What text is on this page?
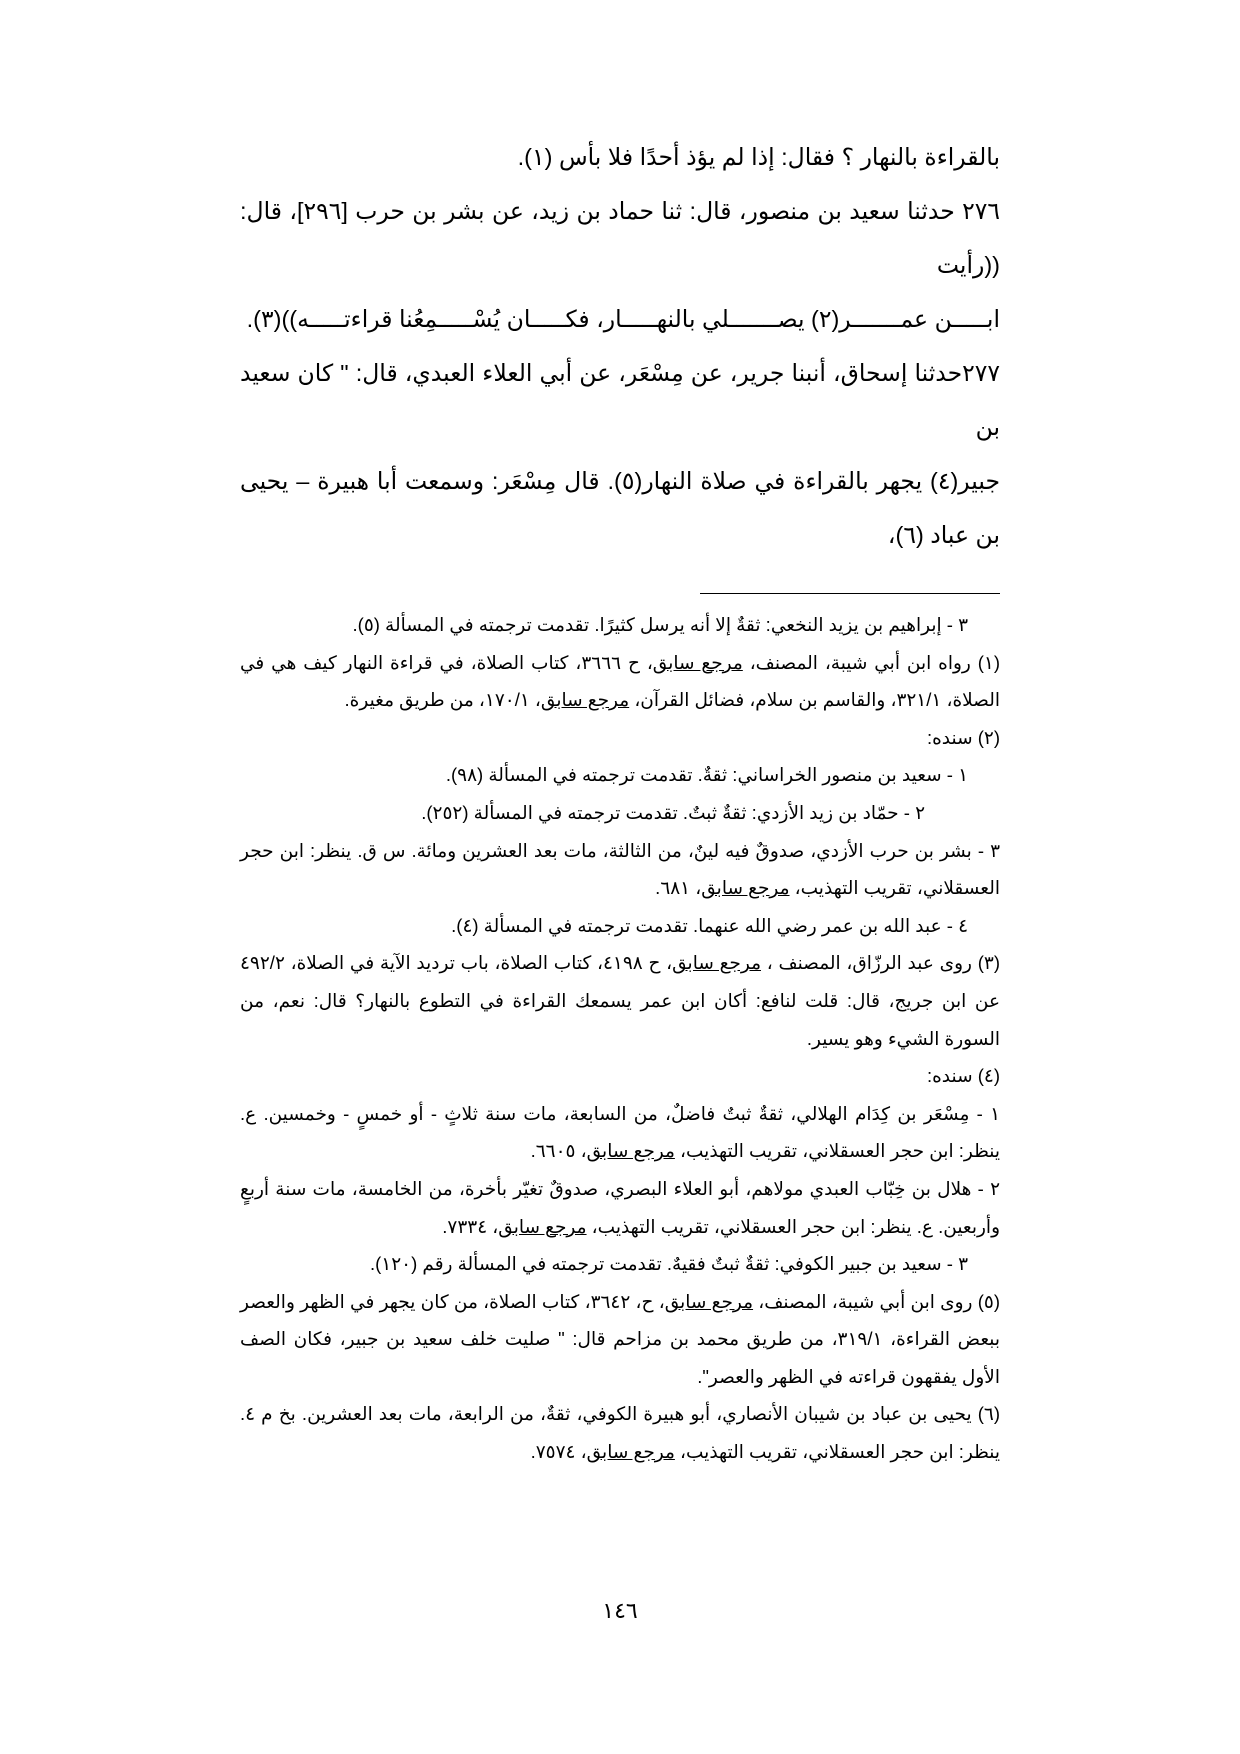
بالقراءة بالنهار ؟ فقال: إذا لم يؤذ أحدًا فلا بأس (١).

٢٧٦ حدثنا سعيد بن منصور، قال: ثنا حماد بن زيد، عن بشر بن حرب [٢٩٦]، قال: ((رأيت

ابـــــن عمـــــــر(٢) يصـــــــلي بالنهـــــار، فكـــــان يُسْـــــمِعُنا قراءتـــــه))(٣).

٢٧٧حدثنا إسحاق، أنبنا جرير، عن مِسْعَر، عن أبي العلاء العبدي، قال: " كان سعيد بن

جبير(٤) يجهر بالقراءة في صلاة النهار(٥). قال مِسْعَر: وسمعت أبا هبيرة – يحيى بن عباد (٦)،

٣ - إبراهيم بن يزيد النخعي: ثقةٌ إلا أنه يرسل كثيرًا. تقدمت ترجمته في المسألة (٥).

(١) رواه ابن أبي شيبة، المصنف، مرجع سابق، ح ٣٦٦٦، كتاب الصلاة، في قراءة النهار كيف هي في الصلاة، ٣٢١/١، والقاسم بن سلام، فضائل القرآن، مرجع سابق، ١٧٠/١، من طريق مغيرة.

(٢) سنده:

١ - سعيد بن منصور الخراساني: ثقةٌ. تقدمت ترجمته في المسألة (٩٨).

٢ - حمّاد بن زيد الأزدي: ثقةٌ ثبتٌ. تقدمت ترجمته في المسألة (٢٥٢).

٣ - بشر بن حرب الأزدي، صدوقٌ فيه لينٌ، من الثالثة، مات بعد العشرين ومائة. س ق. ينظر: ابن حجر العسقلاني، تقريب التهذيب، مرجع سابق، ٦٨١.

٤ - عبد الله بن عمر رضي الله عنهما. تقدمت ترجمته في المسألة (٤).

(٣) روى عبد الرزّاق، المصنف ، مرجع سابق، ح ٤١٩٨، كتاب الصلاة، باب ترديد الآية في الصلاة، ٤٩٢/٢ عن ابن جريج، قال: قلت لنافع: أكان ابن عمر يسمعك القراءة في التطوع بالنهار؟ قال: نعم، من السورة الشيء وهو يسير.

(٤) سنده:

١ - مِسْعَر بن كِدَام الهلالي، ثقةٌ ثبتٌ فاضلٌ، من السابعة، مات سنة ثلاثٍ - أو خمسٍ - وخمسين. ع. ينظر: ابن حجر العسقلاني، تقريب التهذيب، مرجع سابق، ٦٦٠٥.

٢ - هلال بن خِبّاب العبدي مولاهم، أبو العلاء البصري، صدوقٌ تغيّر بأخرة، من الخامسة، مات سنة أربعٍ وأربعين. ع. ينظر: ابن حجر العسقلاني، تقريب التهذيب، مرجع سابق، ٧٣٣٤.

٣ - سعيد بن جبير الكوفي: ثقةٌ ثبتٌ فقيهٌ. تقدمت ترجمته في المسألة رقم (١٢٠).

(٥) روى ابن أبي شيبة، المصنف، مرجع سابق، ح، ٣٦٤٢، كتاب الصلاة، من كان يجهر في الظهر والعصر ببعض القراءة، ٣١٩/١، من طريق محمد بن مزاحم قال: " صليت خلف سعيد بن جبير، فكان الصف الأول يفقهون قراءته في الظهر والعصر".

(٦) يحيى بن عباد بن شيبان الأنصاري، أبو هبيرة الكوفي، ثقةٌ، من الرابعة، مات بعد العشرين. بخ م ٤. ينظر: ابن حجر العسقلاني، تقريب التهذيب، مرجع سابق، ٧٥٧٤.

١٤٦
